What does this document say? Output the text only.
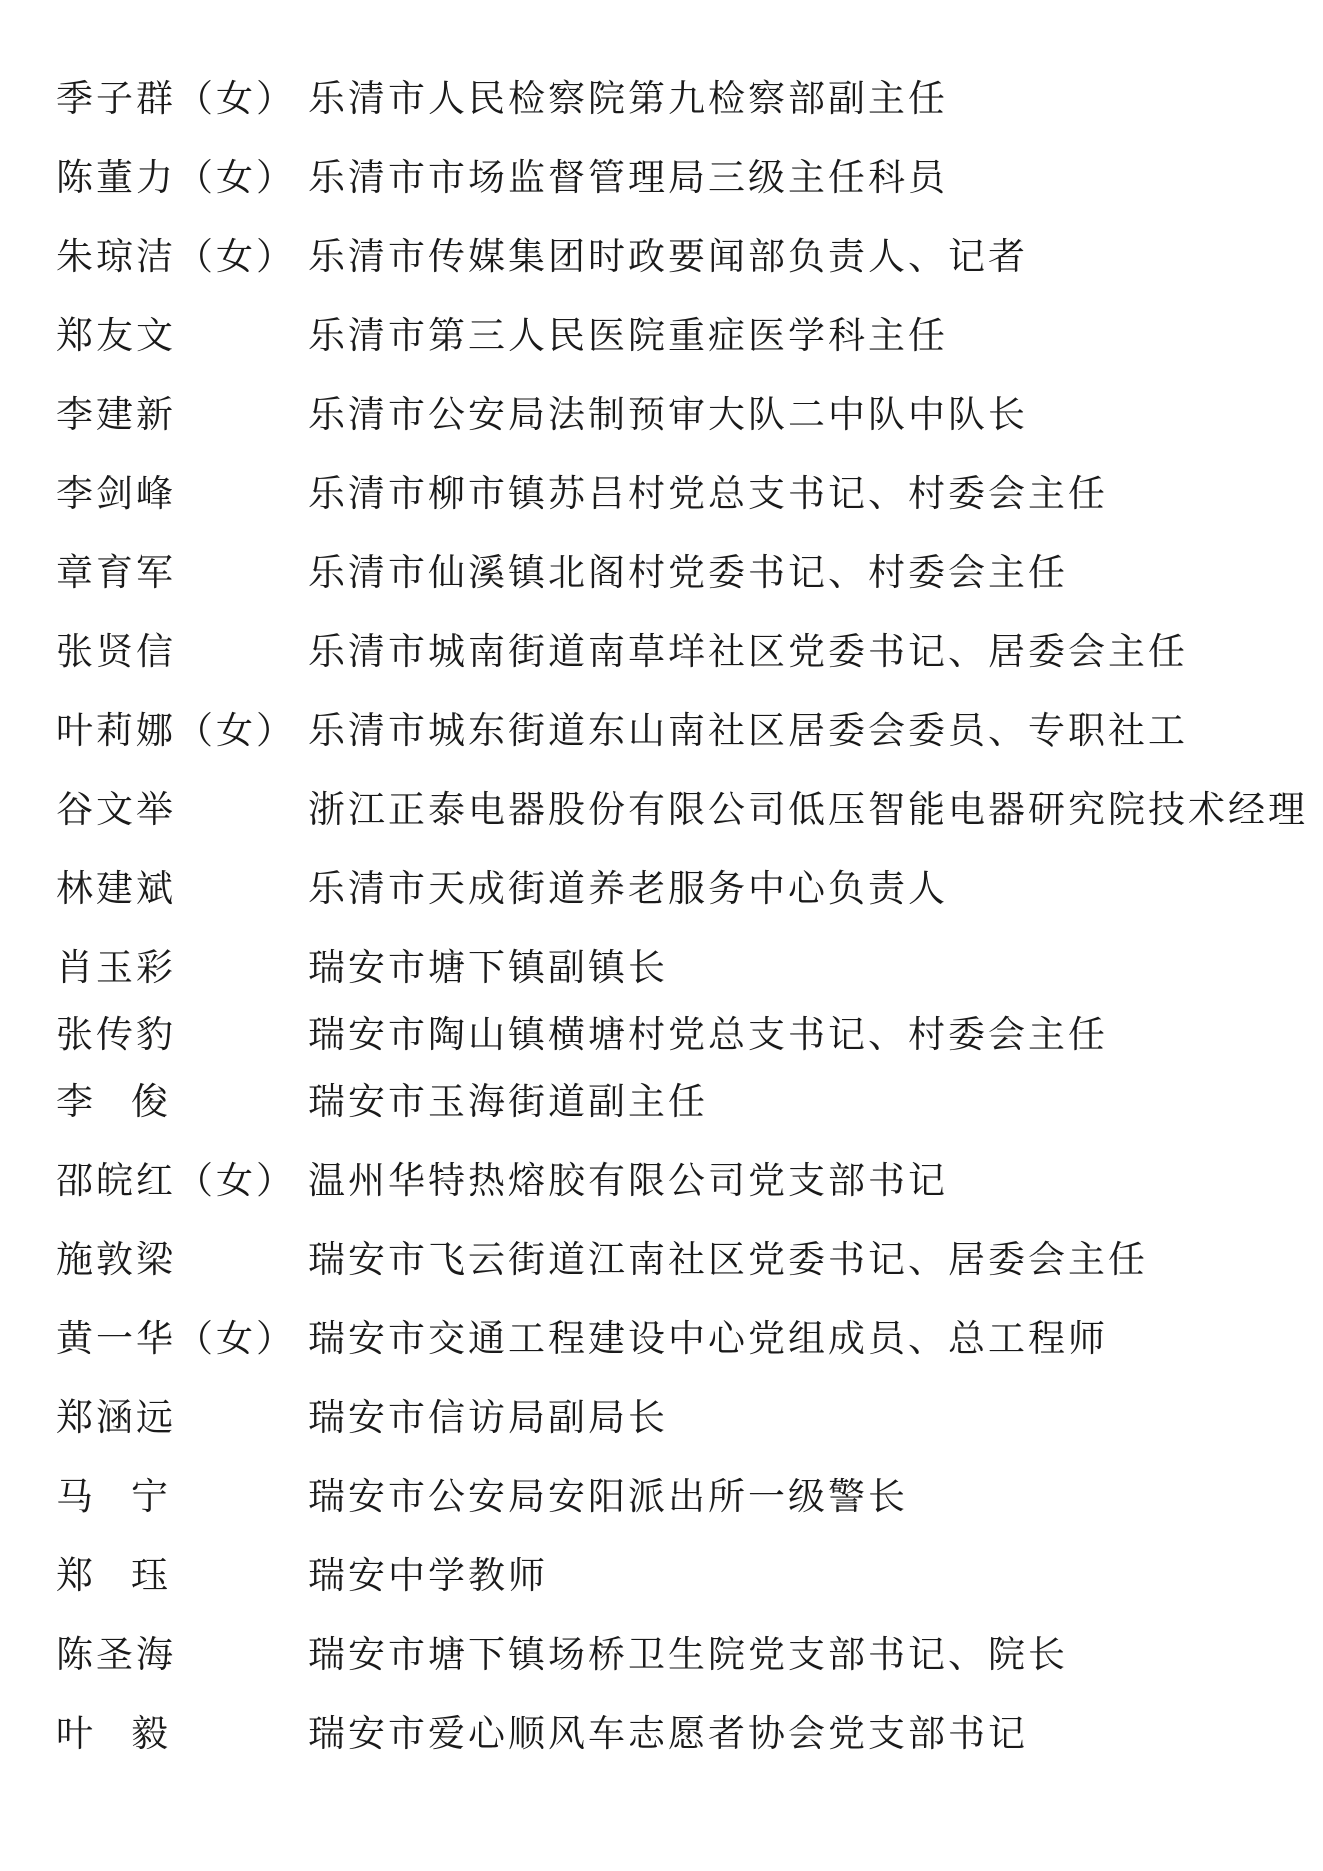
季子群（女） 乐清市人民检察院第九检察部副主任
陈董力（女） 乐清市市场监督管理局三级主任科员
朱琼洁（女） 乐清市传媒集团时政要闻部负责人、记者
郑友文	乐清市第三人民医院重症医学科主任
李建新	乐清市公安局法制预审大队二中队中队长
李剑峰	乐清市柳市镇苏吕村党总支书记、村委会主任
章育军	乐清市仙溪镇北阁村党委书记、村委会主任
张贤信	乐清市城南街道南草垟社区党委书记、居委会主任
叶莉娜（女） 乐清市城东街道东山南社区居委会委员、专职社工
谷文举	浙江正泰电器股份有限公司低压智能电器研究院技术经理
林建斌	乐清市天成街道养老服务中心负责人
肖玉彩	瑞安市塘下镇副镇长
张传豹	瑞安市陶山镇横塘村党总支书记、村委会主任
李俊	瑞安市玉海街道副主任
邵皖红（女） 温州华特热熔胶有限公司党支部书记
施敦梁	瑞安市飞云街道江南社区党委书记、居委会主任
黄一华（女） 瑞安市交通工程建设中心党组成员、总工程师
郑涵远	瑞安市信访局副局长
马宁	瑞安市公安局安阳派出所一级警长
郑珏	瑞安中学教师
陈圣海	瑞安市塘下镇场桥卫生院党支部书记、院长
叶毅	瑞安市爱心顺风车志愿者协会党支部书记
